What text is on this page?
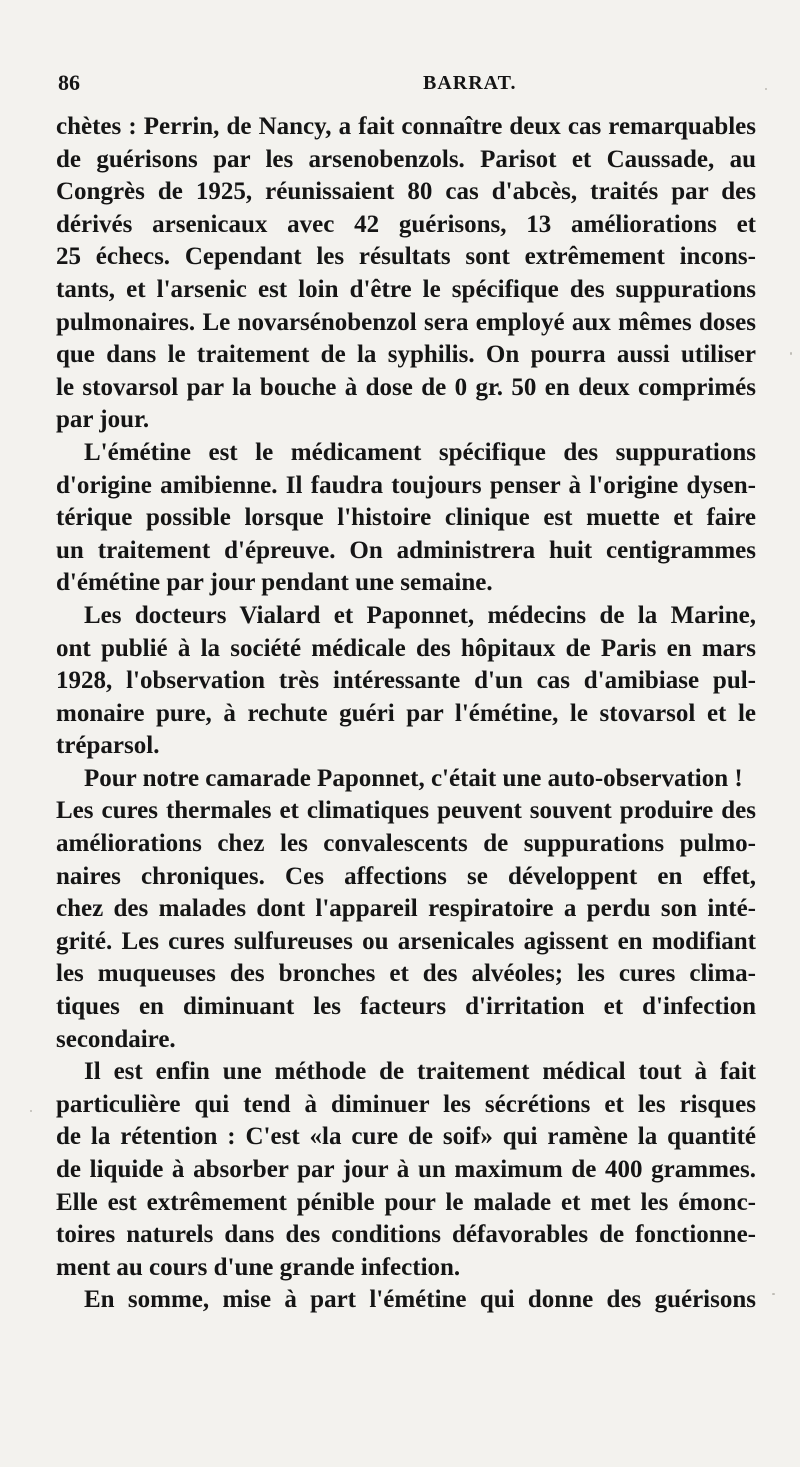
86	BARRAT.
chètes : Perrin, de Nancy, a fait connaître deux cas remarquables
de guérisons par les arsenobenzols. Parisot et Caussade, au
Congrès de 1925, réunissaient 80 cas d'abcès, traités par des
dérivés arsenicaux avec 42 guérisons, 13 améliorations et
25 échecs. Cependant les résultats sont extrêmement incons-
tants, et l'arsenic est loin d'être le spécifique des suppurations
pulmonaires. Le novarsénobenzol sera employé aux mêmes doses
que dans le traitement de la syphilis. On pourra aussi utiliser
le stovarsol par la bouche à dose de 0 gr. 50 en deux comprimés
par jour.
L'émétine est le médicament spécifique des suppurations
d'origine amibienne. Il faudra toujours penser à l'origine dysen-
térique possible lorsque l'histoire clinique est muette et faire
un traitement d'épreuve. On administrera huit centigrammes
d'émétine par jour pendant une semaine.
Les docteurs Vialard et Paponnet, médecins de la Marine,
ont publié à la société médicale des hôpitaux de Paris en mars
1928, l'observation très intéressante d'un cas d'amibiase pul-
monaire pure, à rechute guéri par l'émétine, le stovarsol et le
tréparsol.
Pour notre camarade Paponnet, c'était une auto-observation !
Les cures thermales et climatiques peuvent souvent produire des
améliorations chez les convalescents de suppurations pulmo-
naires chroniques. Ces affections se développent en effet,
chez des malades dont l'appareil respiratoire a perdu son inté-
grité. Les cures sulfureuses ou arsenicales agissent en modifiant
les muqueuses des bronches et des alvéoles; les cures clima-
tiques en diminuant les facteurs d'irritation et d'infection
secondaire.
Il est enfin une méthode de traitement médical tout à fait
particulière qui tend à diminuer les sécrétions et les risques
de la rétention : C'est «la cure de soif» qui ramène la quantité
de liquide à absorber par jour à un maximum de 400 grammes.
Elle est extrêmement pénible pour le malade et met les émonc-
toires naturels dans des conditions défavorables de fonctionne-
ment au cours d'une grande infection.
En somme, mise à part l'émétine qui donne des guérisons
